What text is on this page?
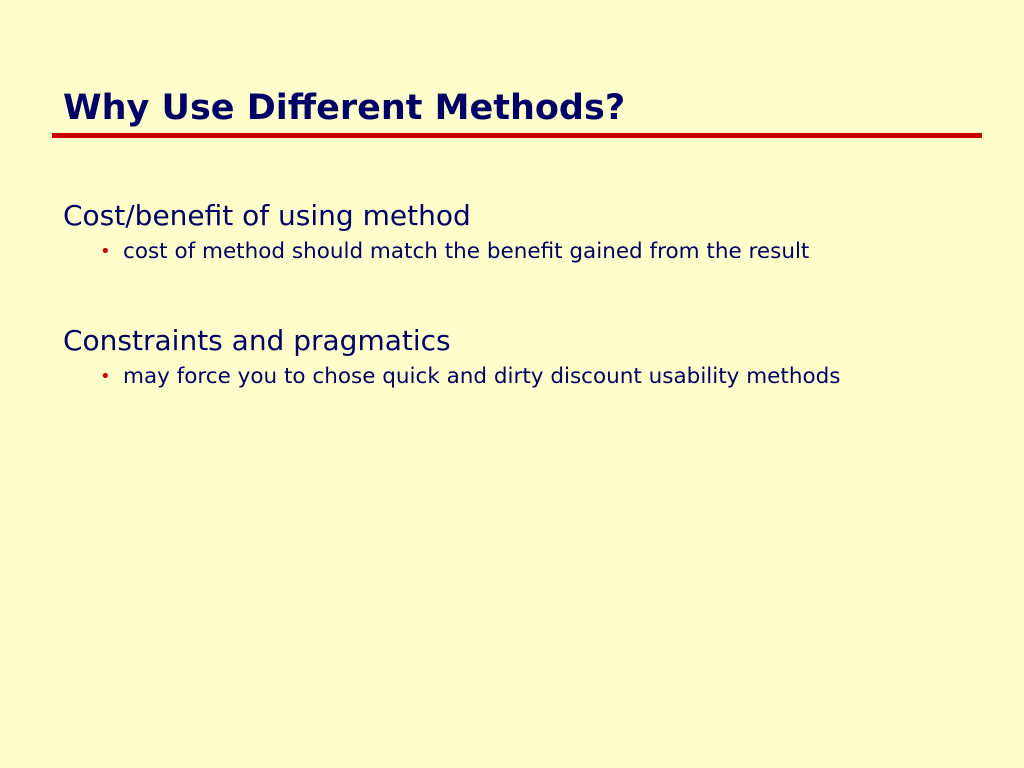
Why Use Different Methods?

Cost/benefit of using method

• cost of method should match the benefit gained from the result

Constraints and pragmatics

• may force you to chose quick and dirty discount usability methods
